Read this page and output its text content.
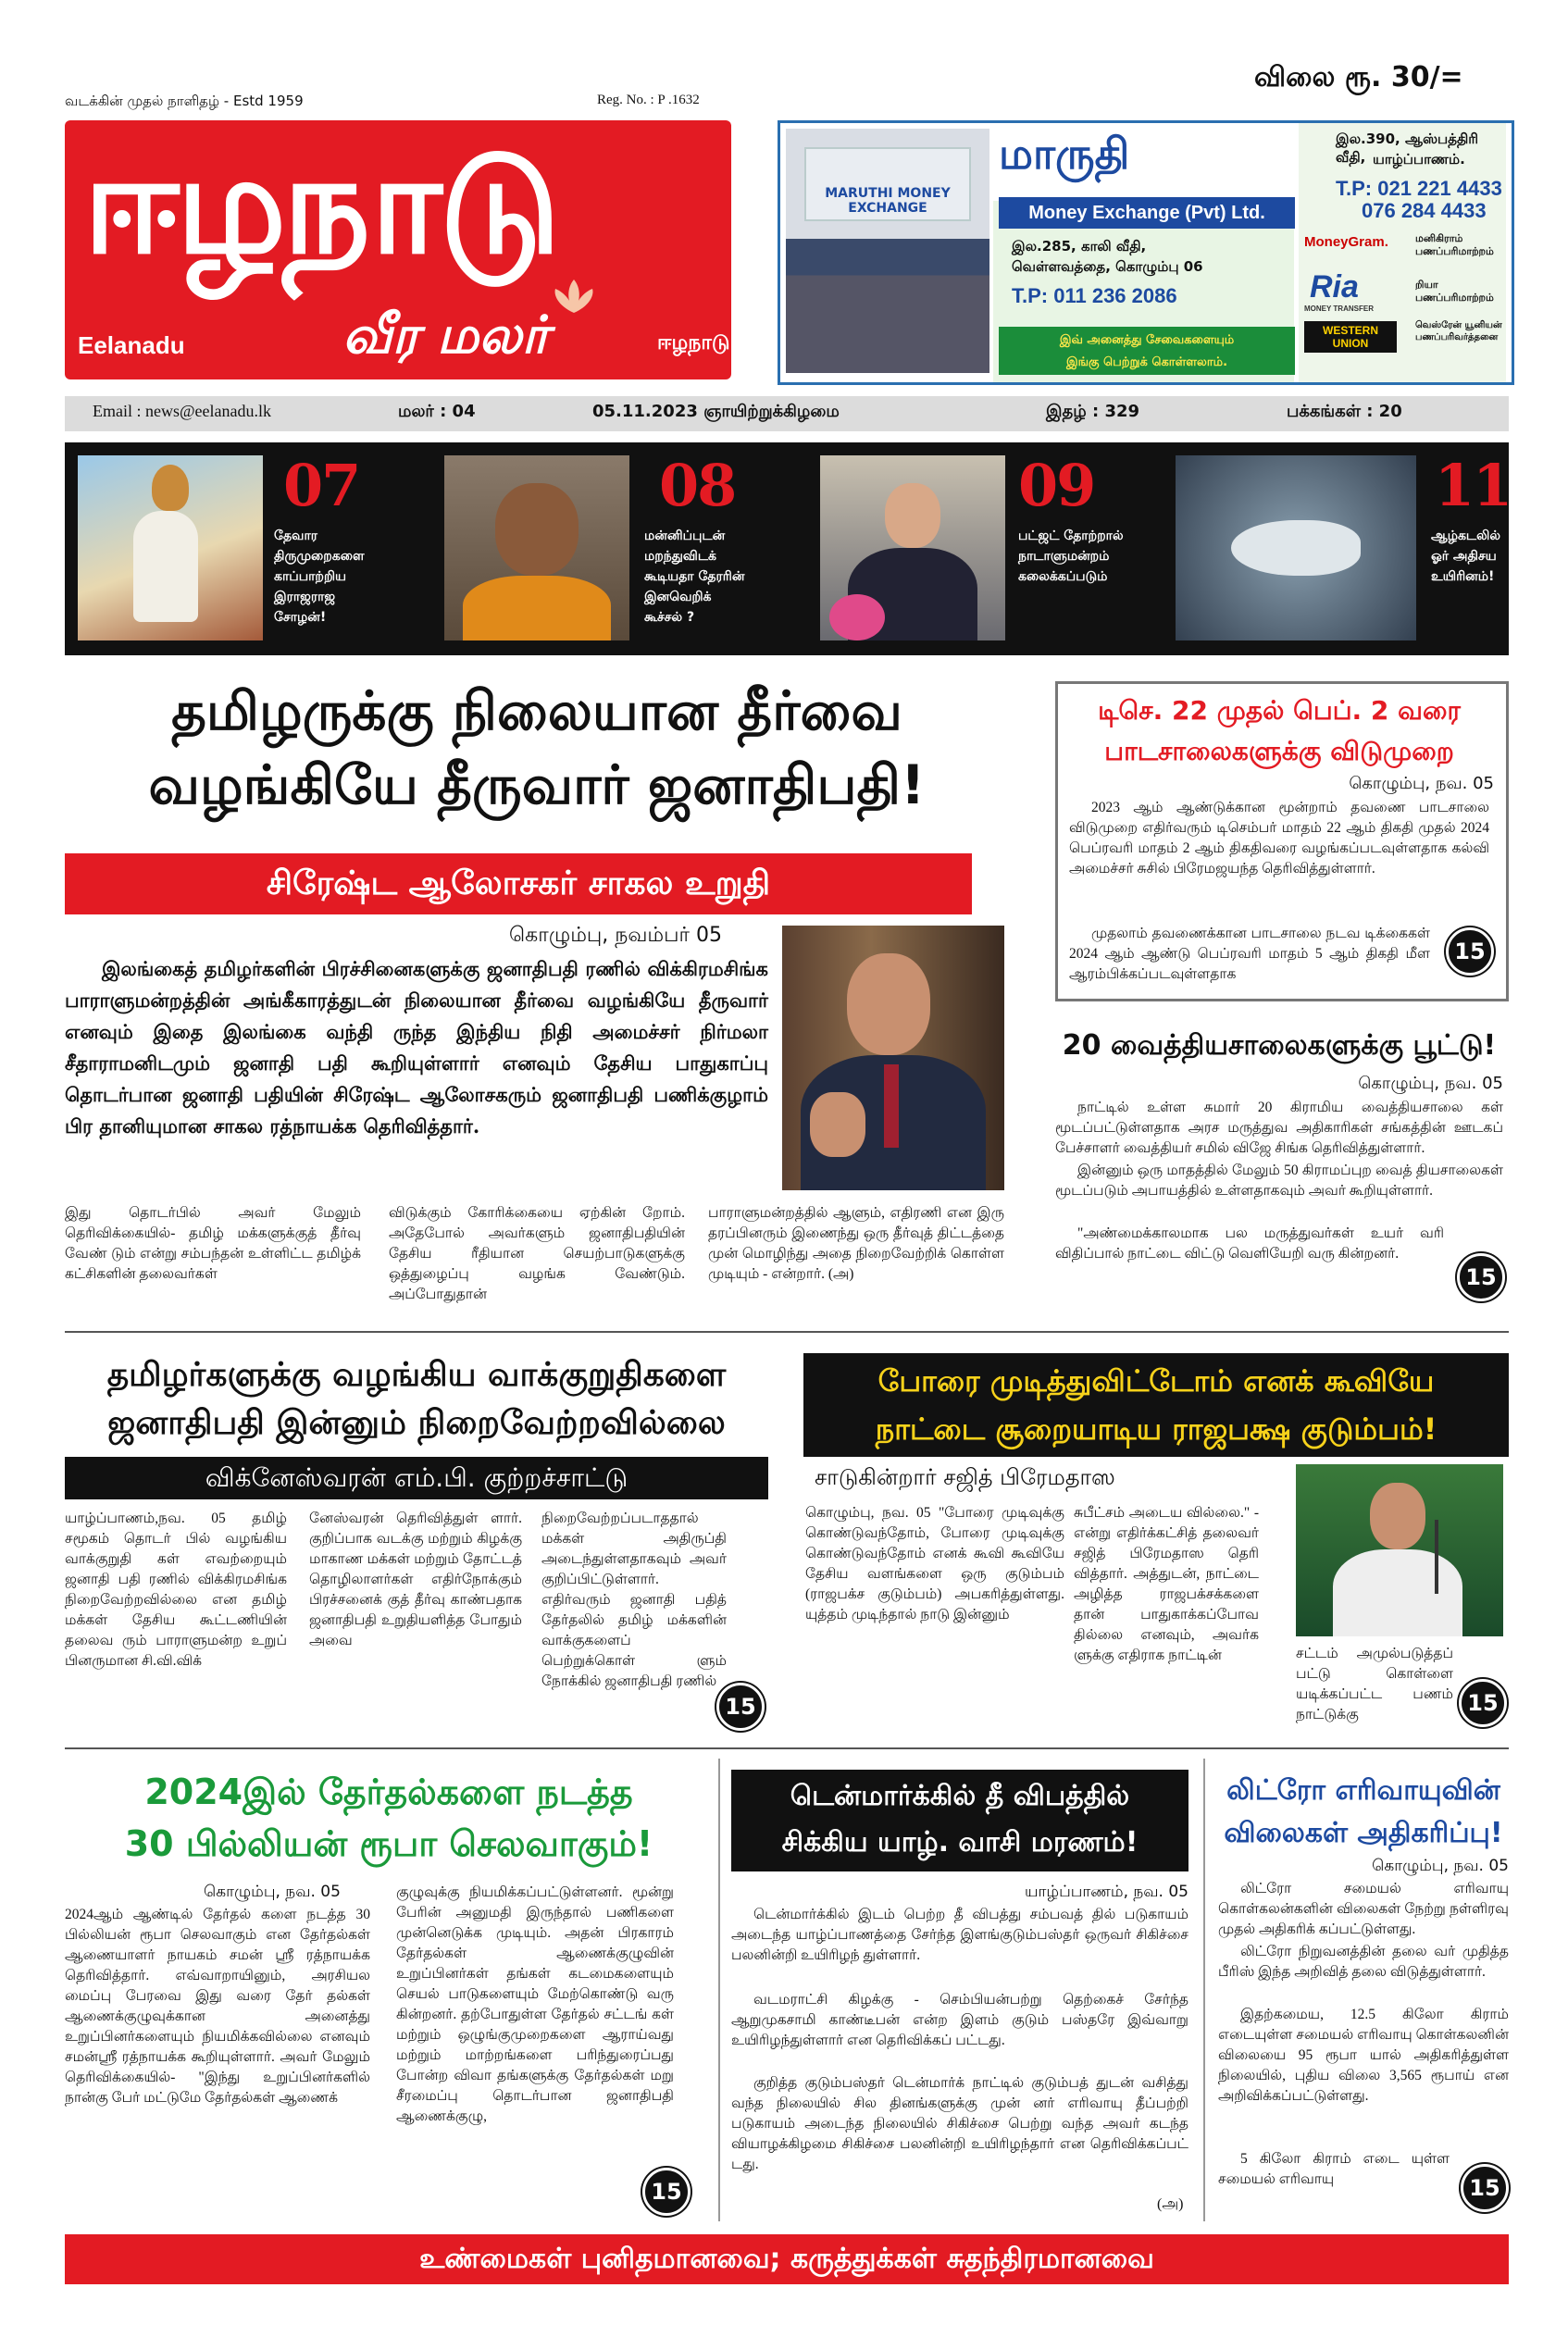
வடக்கின் முதல் நாளிதழ் - Estd 1959	Reg. No. : P .1632
விலை ரூ. 30/=
ஈழநாடு
Eelanadu	வீர மலர்	ஈழநாடு
MARUTHI MONEY EXCHANGE
மாருதி
Money Exchange (Pvt) Ltd.
இல.285, காலி வீதி,
வெள்ளவத்தை, கொழும்பு 06
T.P: 011 236 2086
இவ் அனைத்து சேவைகளையும்
இங்கு பெற்றுக் கொள்ளலாம்.
இல.390, ஆஸ்பத்திரி வீதி, யாழ்ப்பாணம்.
T.P: 021 221 4433
076 284 4433
MoneyGram.	மனிகிராம் பணப்பரிமாற்றம்
Ria
MONEY TRANSFER
றியா பணப்பரிமாற்றம்
WESTERN UNION
வெஸ்ரேன் யூனியன் பணப்பரிவர்த்தனை
Email : news@eelanadu.lk	மலர் : 04	05.11.2023 ஞாயிற்றுக்கிழமை	இதழ் : 329	பக்கங்கள் : 20
07
தேவார
திருமுறைகளை
காப்பாற்றிய
இராஜராஜ
சோழன்!
08
மன்னிப்புடன்
மறந்துவிடக்
கூடியதா தேரரின்
இனவெறிக்
கூச்சல் ?
09
பட்ஜட் தோற்றால்
நாடாளுமன்றம்
கலைக்கப்படும்
11
ஆழ்கடலில்
ஓர் அதிசய
உயிரினம்!
தமிழருக்கு நிலையான தீர்வை
வழங்கியே தீருவார் ஜனாதிபதி!
சிரேஷ்ட ஆலோசகர் சாகல உறுதி
கொழும்பு, நவம்பர் 05
இலங்கைத் தமிழர்களின் பிரச்சினைகளுக்கு ஜனாதிபதி ரணில் விக்கிரமசிங்க பாராளுமன்றத்தின் அங்கீகாரத்துடன் நிலையான தீர்வை வழங்கியே தீருவார் எனவும் இதை இலங்கை வந்தி ருந்த இந்திய நிதி அமைச்சர் நிர்மலா சீதாராமனிடமும் ஜனாதி பதி கூறியுள்ளார் எனவும் தேசிய பாதுகாப்பு தொடர்பான ஜனாதி பதியின் சிரேஷ்ட ஆலோசகரும் ஜனாதிபதி பணிக்குழாம் பிர தானியுமான சாகல ரத்நாயக்க தெரிவித்தார்.
இது தொடர்பில் அவர் மேலும் தெரிவிக்கையில்- தமிழ் மக்களுக்குத் தீர்வு வேண் டும் என்று சம்பந்தன் உள்ளிட்ட தமிழ்க் கட்சிகளின் தலைவர்கள்
விடுக்கும் கோரிக்கையை ஏற்கின் றோம். அதேபோல் அவர்களும் ஜனாதிபதியின் தேசிய ரீதியான செயற்பாடுகளுக்கு ஒத்துழைப்பு வழங்க வேண்டும். அப்போதுதான்
பாராளுமன்றத்தில் ஆளும், எதிரணி என இரு தரப்பினரும் இணைந்து ஒரு தீர்வுத் திட்டத்தை முன் மொழிந்து அதை நிறைவேற்றிக் கொள்ள முடியும் - என்றார். (அ)
டிசெ. 22 முதல் பெப். 2 வரை
பாடசாலைகளுக்கு விடுமுறை
கொழும்பு, நவ. 05
2023 ஆம் ஆண்டுக்கான மூன்றாம் தவணை பாடசாலை விடுமுறை எதிர்வரும் டிசெம்பர் மாதம் 22 ஆம் திகதி முதல் 2024 பெப்ரவரி மாதம் 2 ஆம் திகதிவரை வழங்கப்படவுள்ளதாக கல்வி அமைச்சர் சுசில் பிரேமஜயந்த தெரிவித்துள்ளார்.
முதலாம் தவணைக்கான பாடசாலை நடவ டிக்கைகள் 2024 ஆம் ஆண்டு பெப்ரவரி மாதம் 5 ஆம் திகதி மீள ஆரம்பிக்கப்படவுள்ளதாக
15
20 வைத்தியசாலைகளுக்கு பூட்டு!
கொழும்பு, நவ. 05
நாட்டில் உள்ள சுமார் 20 கிராமிய வைத்தியசாலை கள் மூடப்பட்டுள்ளதாக அரச மருத்துவ அதிகாரிகள் சங்கத்தின் ஊடகப் பேச்சாளர் வைத்தியர் சமில் விஜே சிங்க தெரிவித்துள்ளார்.
இன்னும் ஒரு மாதத்தில் மேலும் 50 கிராமப்புற வைத் தியசாலைகள் மூடப்படும் அபாயத்தில் உள்ளதாகவும் அவர் கூறியுள்ளார்.
"அண்மைக்காலமாக பல மருத்துவர்கள் உயர் வரி விதிப்பால் நாட்டை விட்டு வெளியேறி வரு கின்றனர்.
15
தமிழர்களுக்கு வழங்கிய வாக்குறுதிகளை
ஜனாதிபதி இன்னும் நிறைவேற்றவில்லை
விக்னேஸ்வரன் எம்.பி. குற்றச்சாட்டு
யாழ்ப்பாணம்,நவ. 05 தமிழ் சமூகம் தொடர் பில் வழங்கிய வாக்குறுதி கள் எவற்றையும் ஜனாதி பதி ரணில் விக்கிரமசிங்க நிறைவேற்றவில்லை என தமிழ் மக்கள் தேசிய கூட்டணியின் தலைவ ரும் பாராளுமன்ற உறுப் பினருமான சி.வி.விக்
னேஸ்வரன் தெரிவித்துள் ளார். குறிப்பாக வடக்கு மற்றும் கிழக்கு மாகாண மக்கள் மற்றும் தோட்டத் தொழிலாளர்கள் எதிர்நோக்கும் பிரச்சனைக் குத் தீர்வு காண்பதாக ஜனாதிபதி உறுதியளித்த போதும் அவை
நிறைவேற்றப்படாததால் மக்கள் அதிருப்தி அடைந்துள்ளதாகவும் அவர் குறிப்பிட்டுள்ளார். எதிர்வரும் ஜனாதி பதித் தேர்தலில் தமிழ் மக்களின் வாக்குகளைப் பெற்றுக்கொள் ளும் நோக்கில் ஜனாதிபதி ரணில்
15
போரை முடித்துவிட்டோம் எனக் கூவியே
நாட்டை சூறையாடிய ராஜபக்ஷ குடும்பம்!
சாடுகின்றார் சஜித் பிரேமதாஸ
கொழும்பு, நவ. 05 "போரை முடிவுக்கு கொண்டுவந்தோம், போரை முடிவுக்கு கொண்டுவந்தோம் எனக் கூவி கூவியே தேசிய வளங்களை ஒரு குடும்பம் (ராஜபக்ச குடும்பம்) அபகரித்துள்ளது. யுத்தம் முடிந்தால் நாடு இன்னும்
சுபீட்சம் அடைய வில்லை." - என்று எதிர்க்கட்சித் தலைவர் சஜித் பிரேமதாஸ தெரி வித்தார். அத்துடன், நாட்டை அழித்த ராஜபக்சக்களை தான் பாதுகாக்கப்போவ தில்லை எனவும், அவர்க ளுக்கு எதிராக நாட்டின்	சட்டம் அமுல்படுத்தப் பட்டு கொள்ளை யடிக்கப்பட்ட பணம் நாட்டுக்கு	15
2024இல் தேர்தல்களை நடத்த
30 பில்லியன் ரூபா செலவாகும்!
கொழும்பு, நவ. 05
2024ஆம் ஆண்டில் தேர்தல் களை நடத்த 30 பில்லியன் ரூபா செலவாகும் என தேர்தல்கள் ஆணையாளர் நாயகம் சமன் ஸ்ரீ ரத்நாயக்க தெரிவித்தார். எவ்வாறாயினும், அரசியல மைப்பு பேரவை இது வரை தேர் தல்கள் ஆணைக்குழுவுக்கான அனைத்து உறுப்பினர்களையும் நியமிக்கவில்லை எனவும் சமன்ஸ்ரீ ரத்நாயக்க கூறியுள்ளார். அவர் மேலும் தெரிவிக்கையில்- "இந்து உறுப்பினர்களில் நான்கு பேர் மட்டுமே தேர்தல்கள் ஆணைக்
குழுவுக்கு நியமிக்கப்பட்டுள்ளனர். மூன்று பேரின் அனுமதி இருந்தால் பணிகளை முன்னெடுக்க முடியும். அதன் பிரகாரம் தேர்தல்கள் ஆணைக்குழுவின் உறுப்பினர்கள் தங்கள் கடமைகளையும் செயல் பாடுகளையும் மேற்கொண்டு வரு கின்றனர். தற்போதுள்ள தேர்தல் சட்டங் கள் மற்றும் ஒழுங்குமுறைகளை ஆராய்வது மற்றும் மாற்றங்களை பரிந்துரைப்பது போன்ற விவா தங்களுக்கு தேர்தல்கள் மறு சீரமைப்பு தொடர்பான ஜனாதிபதி ஆணைக்குழு,
15
டென்மார்க்கில் தீ விபத்தில்
சிக்கிய யாழ். வாசி மரணம்!
யாழ்ப்பாணம், நவ. 05
டென்மார்க்கில் இடம் பெற்ற தீ விபத்து சம்பவத் தில் படுகாயம் அடைந்த யாழ்ப்பாணத்தை சேர்ந்த இளங்குடும்பஸ்தர் ஒருவர் சிகிச்சை பலனின்றி உயிரிழந் துள்ளார்.
வடமராட்சி கிழக்கு - செம்பியன்பற்று தெற்கைச் சேர்ந்த ஆறுமுகசாமி காண்டீபன் என்ற இளம் குடும் பஸ்தரே இவ்வாறு உயிரிழந்துள்ளார் என தெரிவிக்கப் பட்டது.
குறித்த குடும்பஸ்தர் டென்மார்க் நாட்டில் குடும்பத் துடன் வசித்து வந்த நிலையில் சில தினங்களுக்கு முன் னர் எரிவாயு தீப்பற்றி படுகாயம் அடைந்த நிலையில் சிகிச்சை பெற்று வந்த அவர் கடந்த வியாழக்கிழமை சிகிச்சை பலனின்றி உயிரிழந்தார் என தெரிவிக்கப்பட் டது.
(அ)
லிட்ரோ எரிவாயுவின்
விலைகள் அதிகரிப்பு!
கொழும்பு, நவ. 05
லிட்ரோ சமையல் எரிவாயு கொள்கலன்களின் விலைகள் நேற்று நள்ளிரவு முதல் அதிகரிக் கப்பட்டுள்ளது.
லிட்ரோ நிறுவனத்தின் தலை வர் முதித்த பீரிஸ் இந்த அறிவித் தலை விடுத்துள்ளார்.
இதற்கமைய, 12.5 கிலோ கிராம் எடையுள்ள சமையல் எரிவாயு கொள்கலனின் விலையை 95 ரூபா யால் அதிகரித்துள்ள நிலையில், புதிய விலை 3,565 ரூபாய் என அறிவிக்கப்பட்டுள்ளது.
5 கிலோ கிராம் எடை யுள்ள சமையல் எரிவாயு	15
உண்மைகள் புனிதமானவை; கருத்துக்கள் சுதந்திரமானவை
